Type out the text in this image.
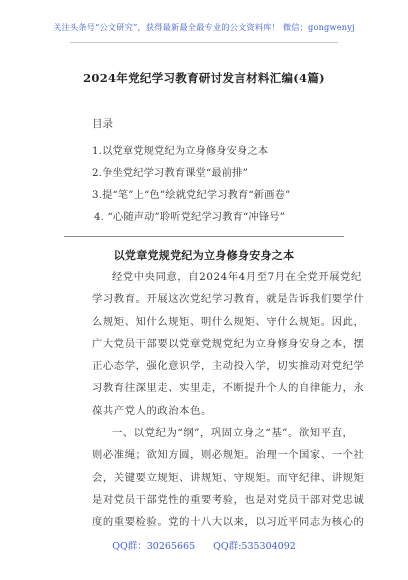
关注头条号“公文研究”，获得最新最全最专业的公文资料库！ 微信：gongwenyj
2024年党纪学习教育研讨发言材料汇编(4篇)
目录
1.以党章党规党纪为立身修身安身之本
2.争坐党纪学习教育课堂“最前排”
3.提“笔”上“色”绘就党纪学习教育“新画卷”
4. “心随声动”聆听党纪学习教育“冲锋号”
以党章党规党纪为立身修身安身之本
经党中央同意，自2024年4月至7月在全党开展党纪
学习教育。开展这次党纪学习教育，就是告诉我们要学什
么规矩、知什么规矩、明什么规矩、守什么规矩。因此，
广大党员干部要以党章党规党纪为立身修身安身之本，摆
正心态学，强化意识学，主动投入学，切实推动对党纪学
习教育往深里走、实里走，不断提升个人的自律能力，永
葆共产党人的政治本色。
一、以党纪为“纲”，巩固立身之“基”。欲知平直，
则必准绳；欲知方圆，则必规矩。治理一个国家、一个社
会，关键要立规矩、讲规矩、守规矩。而守纪律、讲规矩
是对党员干部党性的重要考验，也是对党员干部对党忠诚
度的重要检验。党的十八大以来，以习近平同志为核心的
QQ群：30265665 QQ群:535304092
